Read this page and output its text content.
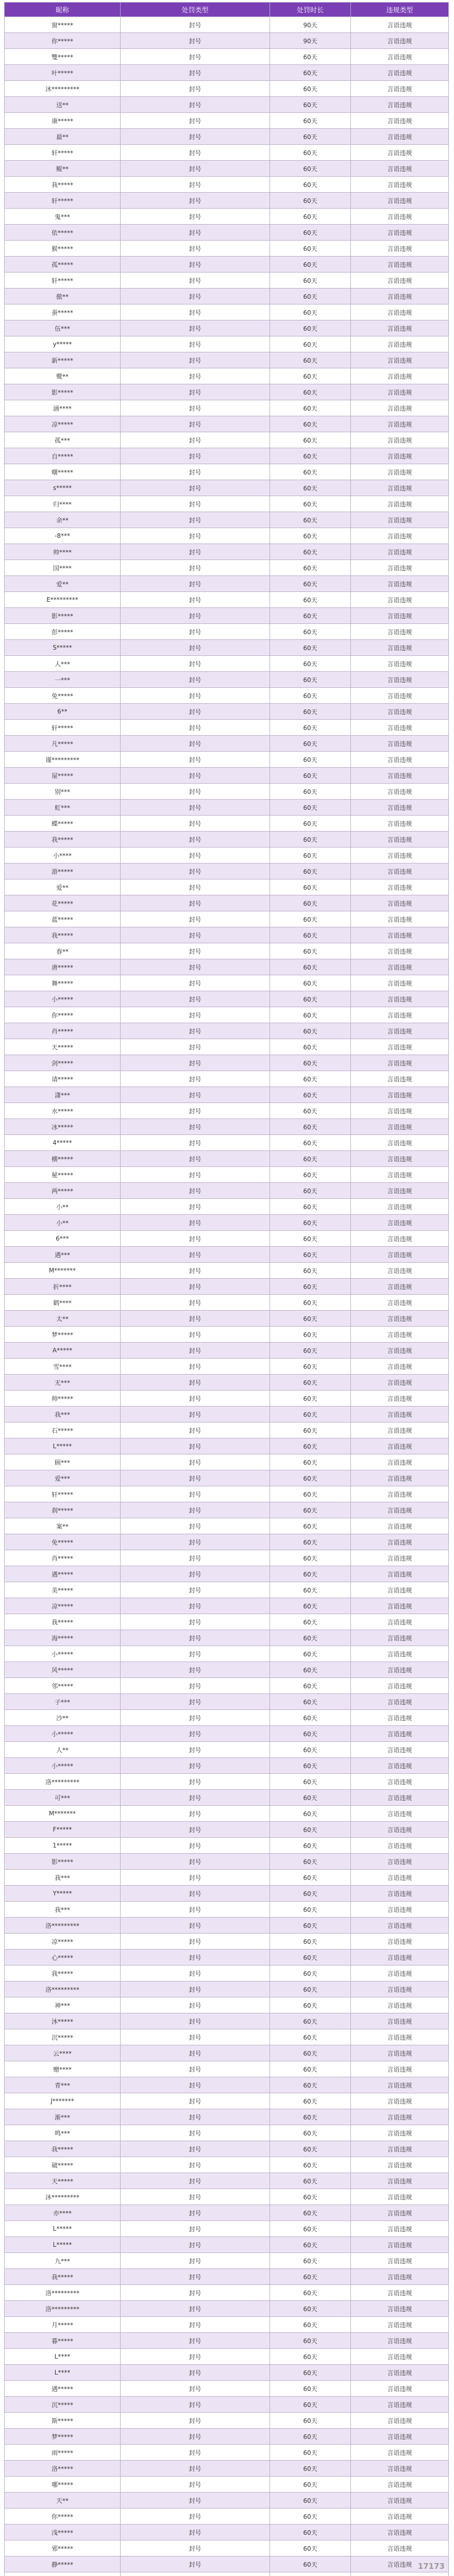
昵称	处罚类型	处罚时长	违规类型
窗*****	封号	90天	言语违规
你*****	封号	90天	言语违规
雙*****	封号	60天	言语违规
叶*****	封号	60天	言语违规
沐*********	封号	60天	言语违规
送**	封号	60天	言语违规
康*****	封号	60天	言语违规
最**	封号	60天	言语违规
轩*****	封号	60天	言语违规
鲲**	封号	60天	言语违规
我*****	封号	60天	言语违规
轩*****	封号	60天	言语违规
鬼***	封号	60天	言语违规
依*****	封号	60天	言语违规
猴*****	封号	60天	言语违规
孤*****	封号	60天	言语违规
轩*****	封号	60天	言语违规
傲**	封号	60天	言语违规
蚕*****	封号	60天	言语违规
伍***	封号	60天	言语违规
y*****	封号	60天	言语违规
新*****	封号	60天	言语违规
鹭**	封号	60天	言语违规
影*****	封号	60天	言语违规
涵****	封号	60天	言语违规
凉*****	封号	60天	言语违规
孤***	封号	60天	言语违规
自*****	封号	60天	言语违规
曙*****	封号	60天	言语违规
s*****	封号	60天	言语违规
归****	封号	60天	言语违规
余**	封号	60天	言语违规
-8***	封号	60天	言语违规
帅****	封号	60天	言语违规
国****	封号	60天	言语违规
爱**	封号	60天	言语违规
E*********	封号	60天	言语违规
影*****	封号	60天	言语违规
彭*****	封号	60天	言语违规
S*****	封号	60天	言语违规
人***	封号	60天	言语违规
一***	封号	60天	言语违规
免*****	封号	60天	言语违规
6**	封号	60天	言语违规
轩*****	封号	60天	言语违规
凡*****	封号	60天	言语违规
谨*********	封号	60天	言语违规
屋*****	封号	60天	言语违规
别***	封号	60天	言语违规
虹***	封号	60天	言语违规
蝶*****	封号	60天	言语违规
我*****	封号	60天	言语违规
小****	封号	60天	言语违规
游*****	封号	60天	言语违规
爱**	封号	60天	言语违规
花*****	封号	60天	言语违规
蓝*****	封号	60天	言语违规
我*****	封号	60天	言语违规
春**	封号	60天	言语违规
唐*****	封号	60天	言语违规
舞*****	封号	60天	言语违规
小*****	封号	60天	言语违规
你*****	封号	60天	言语违规
肖*****	封号	60天	言语违规
天*****	封号	60天	言语违规
剑*****	封号	60天	言语违规
请*****	封号	60天	言语违规
潇***	封号	60天	言语违规
水*****	封号	60天	言语违规
冰*****	封号	60天	言语违规
4*****	封号	60天	言语违规
横*****	封号	60天	言语违规
秘*****	封号	60天	言语违规
两*****	封号	60天	言语违规
小**	封号	60天	言语违规
小**	封号	60天	言语违规
6***	封号	60天	言语违规
遇***	封号	60天	言语违规
M*******	封号	60天	言语违规
折****	封号	60天	言语违规
鹤****	封号	60天	言语违规
太**	封号	60天	言语违规
梦*****	封号	60天	言语违规
A*****	封号	60天	言语违规
雪****	封号	60天	言语违规
无***	封号	60天	言语违规
帅*****	封号	60天	言语违规
我***	封号	60天	言语违规
石*****	封号	60天	言语违规
L*****	封号	60天	言语违规
顾***	封号	60天	言语违规
爱***	封号	60天	言语违规
轩*****	封号	60天	言语违规
刹*****	封号	60天	言语违规
案**	封号	60天	言语违规
免*****	封号	60天	言语违规
肖*****	封号	60天	言语违规
遇*****	封号	60天	言语违规
美*****	封号	60天	言语违规
凉*****	封号	60天	言语违规
我*****	封号	60天	言语违规
海*****	封号	60天	言语违规
小*****	封号	60天	言语违规
风*****	封号	60天	言语违规
邻*****	封号	60天	言语违规
子***	封号	60天	言语违规
沙**	封号	60天	言语违规
小*****	封号	60天	言语违规
人**	封号	60天	言语违规
小*****	封号	60天	言语违规
洛*********	封号	60天	言语违规
可***	封号	60天	言语违规
M*******	封号	60天	言语违规
F*****	封号	60天	言语违规
1*****	封号	60天	言语违规
影*****	封号	60天	言语违规
我***	封号	60天	言语违规
Y*****	封号	60天	言语违规
我***	封号	60天	言语违规
洛*********	封号	60天	言语违规
凉*****	封号	60天	言语违规
心*****	封号	60天	言语违规
我*****	封号	60天	言语违规
洛*********	封号	60天	言语违规
神***	封号	60天	言语违规
沐*****	封号	60天	言语违规
沉*****	封号	60天	言语违规
云****	封号	60天	言语违规
赠****	封号	60天	言语违规
青***	封号	60天	言语违规
J*******	封号	60天	言语违规
渐***	封号	60天	言语违规
鸣***	封号	60天	言语违规
我*****	封号	60天	言语违规
破*****	封号	60天	言语违规
天*****	封号	60天	言语违规
沐*********	封号	60天	言语违规
亦****	封号	60天	言语违规
L*****	封号	60天	言语违规
L*****	封号	60天	言语违规
九***	封号	60天	言语违规
我*****	封号	60天	言语违规
洛*********	封号	60天	言语违规
洛*********	封号	60天	言语违规
月*****	封号	60天	言语违规
暮*****	封号	60天	言语违规
L****	封号	60天	言语违规
L****	封号	60天	言语违规
遇*****	封号	60天	言语违规
沉*****	封号	60天	言语违规
斯*****	封号	60天	言语违规
梦*****	封号	60天	言语违规
雨*****	封号	60天	言语违规
洛*****	封号	60天	言语违规
哪*****	封号	60天	言语违规
天**	封号	60天	言语违规
你*****	封号	60天	言语违规
浅*****	封号	60天	言语违规
邪*****	封号	60天	言语违规
静*****	封号	60天	言语违规

			17173
